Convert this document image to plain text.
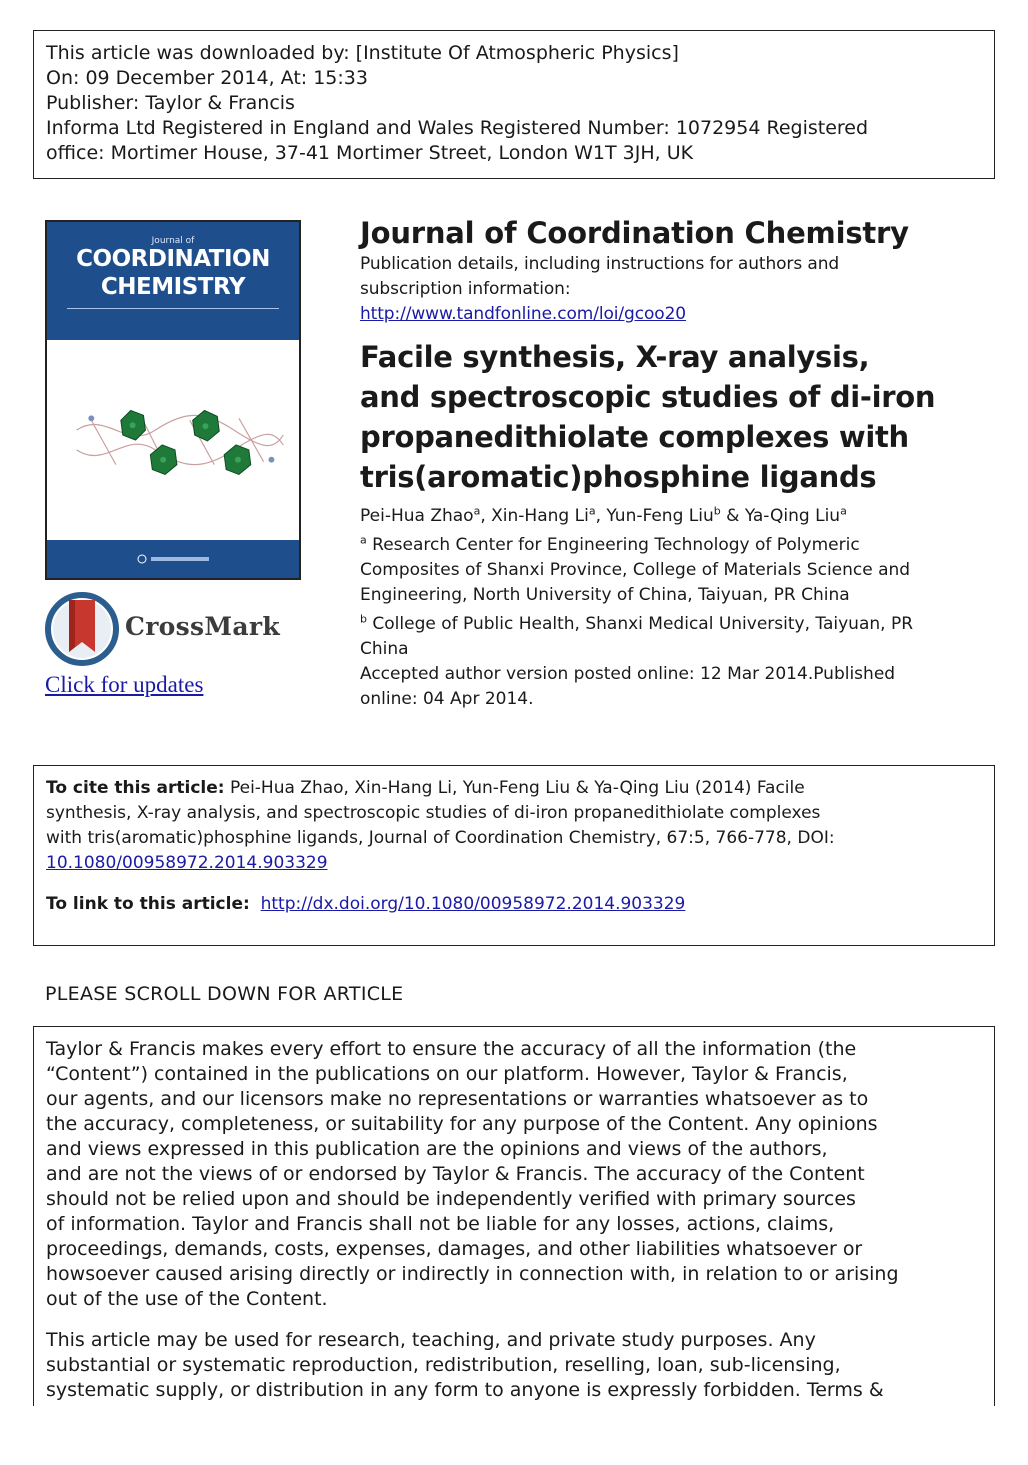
This article was downloaded by: [Institute Of Atmospheric Physics]
On: 09 December 2014, At: 15:33
Publisher: Taylor & Francis
Informa Ltd Registered in England and Wales Registered Number: 1072954 Registered
office: Mortimer House, 37-41 Mortimer Street, London W1T 3JH, UK
Journal of
COORDINATION
CHEMISTRY
CrossMark
Click for updates
Journal of Coordination Chemistry
Publication details, including instructions for authors and
subscription information:
http://www.tandfonline.com/loi/gcoo20
Facile synthesis, X-ray analysis,
and spectroscopic studies of di-iron
propanedithiolate complexes with
tris(aromatic)phosphine ligands
Pei-Hua Zhao$^a$, Xin-Hang Li$^a$, Yun-Feng Liu$^b$ & Ya-Qing Liu$^a$
$^a$ Research Center for Engineering Technology of Polymeric
Composites of Shanxi Province, College of Materials Science and
Engineering, North University of China, Taiyuan, PR China
$^b$ College of Public Health, Shanxi Medical University, Taiyuan, PR
China
Accepted author version posted online: 12 Mar 2014.Published
online: 04 Apr 2014.
To cite this article: Pei-Hua Zhao, Xin-Hang Li, Yun-Feng Liu & Ya-Qing Liu (2014) Facile
synthesis, X-ray analysis, and spectroscopic studies of di-iron propanedithiolate complexes
with tris(aromatic)phosphine ligands, Journal of Coordination Chemistry, 67:5, 766-778, DOI:
10.1080/00958972.2014.903329
To link to this article: http://dx.doi.org/10.1080/00958972.2014.903329
PLEASE SCROLL DOWN FOR ARTICLE
Taylor & Francis makes every effort to ensure the accuracy of all the information (the
“Content”) contained in the publications on our platform. However, Taylor & Francis,
our agents, and our licensors make no representations or warranties whatsoever as to
the accuracy, completeness, or suitability for any purpose of the Content. Any opinions
and views expressed in this publication are the opinions and views of the authors,
and are not the views of or endorsed by Taylor & Francis. The accuracy of the Content
should not be relied upon and should be independently verified with primary sources
of information. Taylor and Francis shall not be liable for any losses, actions, claims,
proceedings, demands, costs, expenses, damages, and other liabilities whatsoever or
howsoever caused arising directly or indirectly in connection with, in relation to or arising
out of the use of the Content.
This article may be used for research, teaching, and private study purposes. Any
substantial or systematic reproduction, redistribution, reselling, loan, sub-licensing,
systematic supply, or distribution in any form to anyone is expressly forbidden. Terms &
